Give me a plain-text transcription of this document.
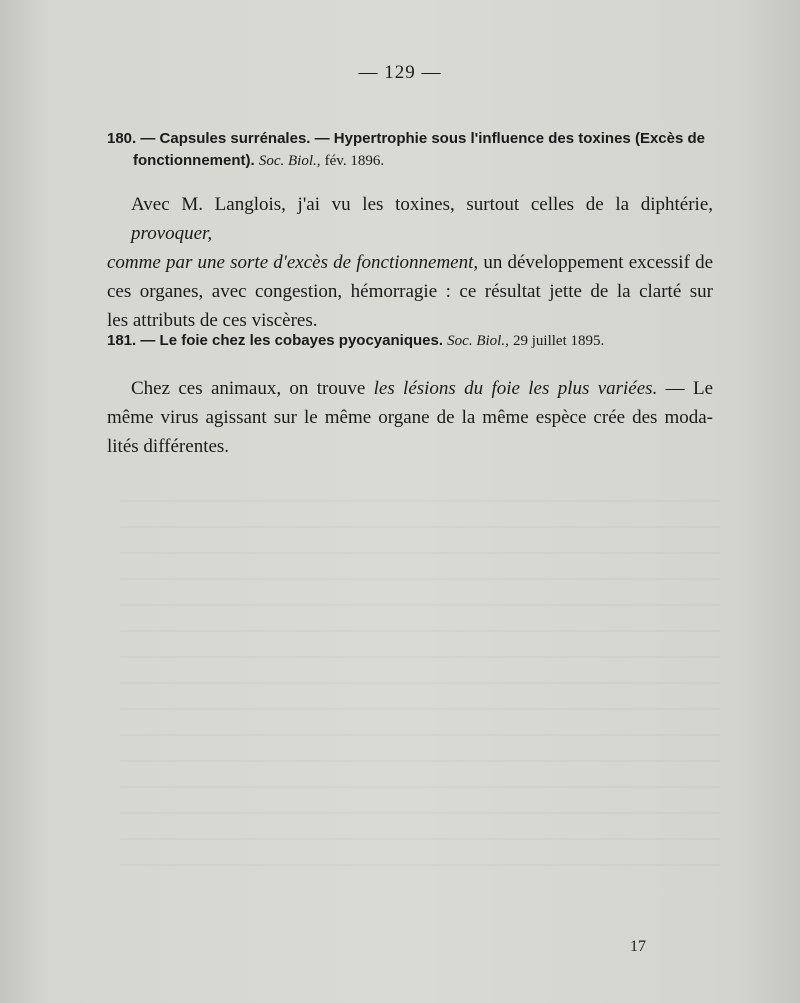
— 129 —
180. — Capsules surrénales. — Hypertrophie sous l'influence des toxines (Excès de
fonctionnement). Soc. Biol., fév. 1896.
Avec M. Langlois, j'ai vu les toxines, surtout celles de la diphtérie, provoquer,
comme par une sorte d'excès de fonctionnement, un développement excessif de
ces organes, avec congestion, hémorragie : ce résultat jette de la clarté sur
les attributs de ces viscères.
181. — Le foie chez les cobayes pyocyaniques. Soc. Biol., 29 juillet 1895.
Chez ces animaux, on trouve les lésions du foie les plus variées. — Le
même virus agissant sur le même organe de la même espèce crée des moda-
lités différentes.
17
